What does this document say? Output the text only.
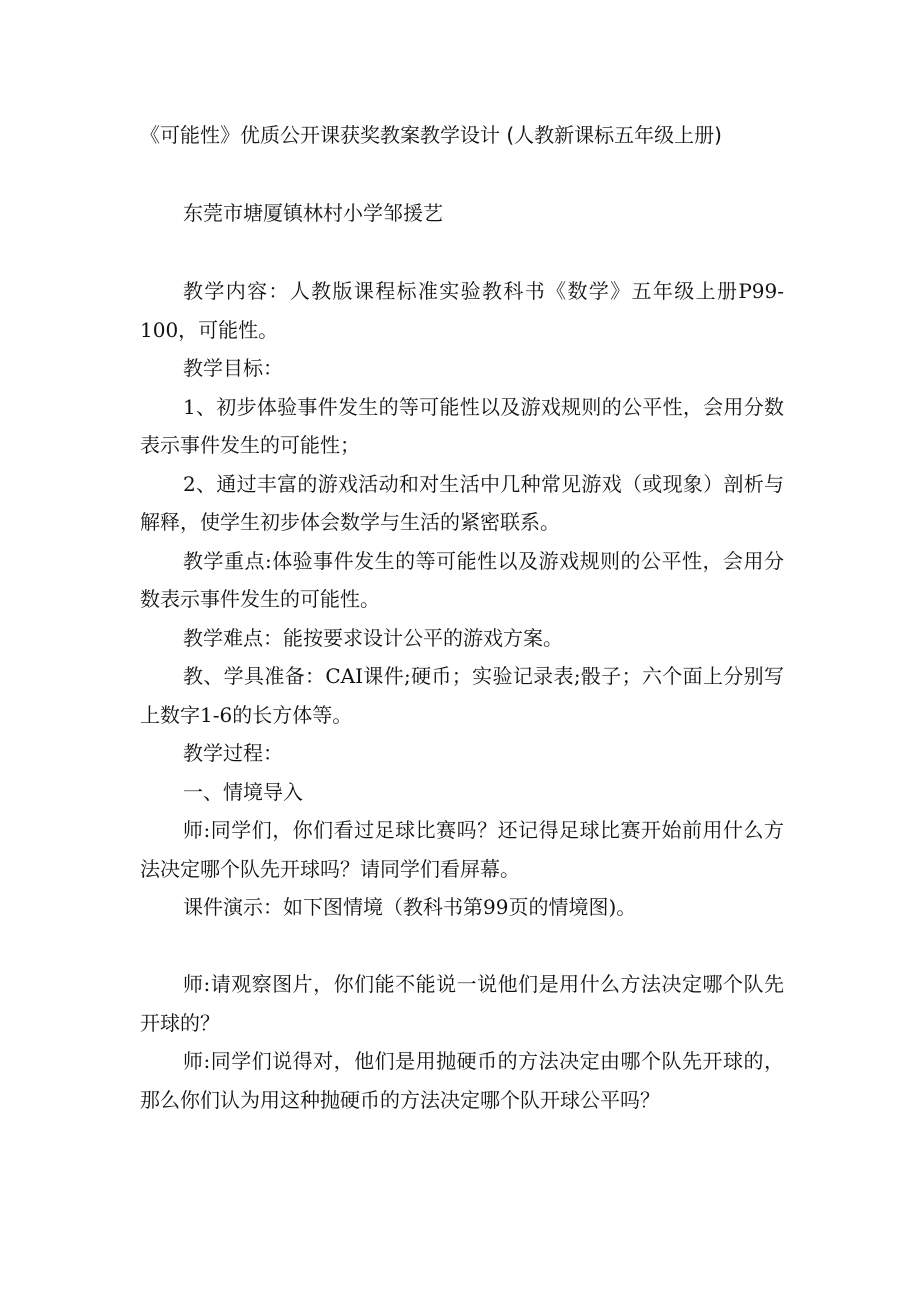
《可能性》优质公开课获奖教案教学设计 (人教新课标五年级上册)
东莞市塘厦镇林村小学邹援艺

教学内容：人教版课程标准实验教科书《数学》五年级上册P99-100，可能性。

教学目标：

1、初步体验事件发生的等可能性以及游戏规则的公平性，会用分数表示事件发生的可能性；

2、通过丰富的游戏活动和对生活中几种常见游戏（或现象）剖析与解释，使学生初步体会数学与生活的紧密联系。

教学重点:体验事件发生的等可能性以及游戏规则的公平性，会用分数表示事件发生的可能性。

教学难点：能按要求设计公平的游戏方案。

教、学具准备：CAI课件;硬币；实验记录表;骰子；六个面上分别写上数字1-6的长方体等。

教学过程：

一、情境导入

师:同学们，你们看过足球比赛吗？还记得足球比赛开始前用什么方法决定哪个队先开球吗？请同学们看屏幕。

课件演示：如下图情境（教科书第99页的情境图)。

师:请观察图片，你们能不能说一说他们是用什么方法决定哪个队先开球的？

师:同学们说得对，他们是用抛硬币的方法决定由哪个队先开球的，那么你们认为用这种抛硬币的方法决定哪个队开球公平吗？
